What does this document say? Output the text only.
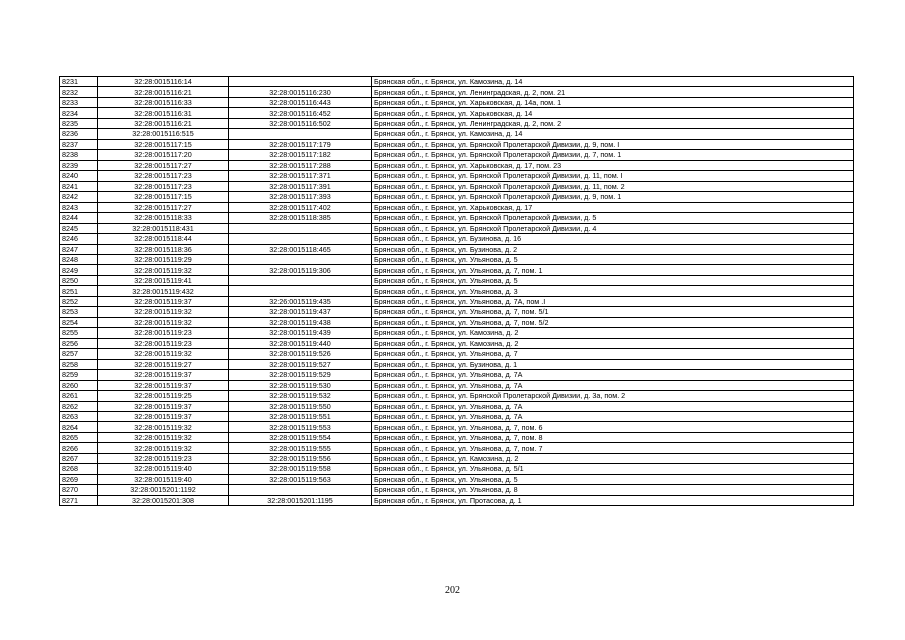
8231	32:28:0015116:14		Брянская обл., г. Брянск, ул. Камозина, д. 14
8232	32:28:0015116:21	32:28:0015116:230	Брянская обл., г. Брянск, ул. Ленинградская, д. 2, пом. 21
8233	32:28:0015116:33	32:28:0015116:443	Брянская обл., г. Брянск, ул. Харьковская, д. 14а, пом. 1
8234	32:28:0015116:31	32:28:0015116:452	Брянская обл., г. Брянск, ул. Харьковская, д. 14
8235	32:28:0015116:21	32:28:0015116:502	Брянская обл., г. Брянск, ул. Ленинградская, д. 2, пом. 2
8236	32:28:0015116:515		Брянская обл., г. Брянск, ул. Камозина, д. 14
8237	32:28:0015117:15	32:28:0015117:179	Брянская обл., г. Брянск, ул. Брянской Пролетарской Дивизии, д. 9, пом. I
8238	32:28:0015117:20	32:28:0015117:182	Брянская обл., г. Брянск, ул. Брянской Пролетарской Дивизии, д. 7, пом. 1
8239	32:28:0015117:27	32:28:0015117:288	Брянская обл., г. Брянск, ул. Харьковская, д. 17, пом. 23
8240	32:28:0015117:23	32:28:0015117:371	Брянская обл., г. Брянск, ул. Брянской Пролетарской Дивизии, д. 11, пом. I
8241	32:28:0015117:23	32:28:0015117:391	Брянская обл., г. Брянск, ул. Брянской Пролетарской Дивизии, д. 11, пом. 2
8242	32:28:0015117:15	32:28:0015117:393	Брянская обл., г. Брянск, ул. Брянской Пролетарской Дивизии, д. 9, пом. 1
8243	32:28:0015117:27	32:28:0015117:402	Брянская обл., г. Брянск, ул. Харьковская, д. 17
8244	32:28:0015118:33	32:28:0015118:385	Брянская обл., г. Брянск, ул. Брянской Пролетарской Дивизии, д. 5
8245	32:28:0015118:431		Брянская обл., г. Брянск, ул. Брянской Пролетарской Дивизии, д. 4
8246	32:28:0015118:44		Брянская обл., г. Брянск, ул. Бузинова, д. 16
8247	32:28:0015118:36	32:28:0015118:465	Брянская обл., г. Брянск, ул. Бузинова, д. 2
8248	32:28:0015119:29		Брянская обл., г. Брянск, ул. Ульянова, д. 5
8249	32:28:0015119:32	32:28:0015119:306	Брянская обл., г. Брянск, ул. Ульянова, д. 7, пом. 1
8250	32:28:0015119:41		Брянская обл., г. Брянск, ул. Ульянова, д. 5
8251	32:28:0015119:432		Брянская обл., г. Брянск, ул. Ульянова, д. 3
8252	32:28:0015119:37	32:26:0015119:435	Брянская обл., г. Брянск, ул. Ульянова, д. 7А, пом .I
8253	32:28:0015119:32	32:28:0015119:437	Брянская обл., г. Брянск, ул. Ульянова, д. 7, пом. 5/1
8254	32:28:0015119:32	32:28:0015119:438	Брянская обл., г. Брянск, ул. Ульянова, д. 7, пом. 5/2
8255	32:28:0015119:23	32:28:0015119:439	Брянская обл., г. Брянск, ул. Камозина, д. 2
8256	32:28:0015119:23	32:28:0015119:440	Брянская обл., г. Брянск, ул. Камозина, д. 2
8257	32:28:0015119:32	32:28:0015119:526	Брянская обл., г. Брянск, ул. Ульянова, д. 7
8258	32:28:0015119:27	32:28:0015119:527	Брянская обл., г. Брянск, ул. Бузинова, д. 1
8259	32:28:0015119:37	32:28:0015119:529	Брянская обл., г. Брянск, ул. Ульянова, д. 7А
8260	32:28:0015119:37	32:28:0015119:530	Брянская обл., г. Брянск, ул. Ульянова, д. 7А
8261	32:28:0015119:25	32:28:0015119:532	Брянская обл., г. Брянск, ул. Брянской Пролетарской Дивизии, д. 3а, пом. 2
8262	32:28:0015119:37	32:28:0015119:550	Брянская обл., г. Брянск, ул. Ульянова, д. 7А
8263	32:28:0015119:37	32:28:0015119:551	Брянская обл., г. Брянск, ул. Ульянова, д. 7А
8264	32:28:0015119:32	32:28:0015119:553	Брянская обл., г. Брянск, ул. Ульянова, д. 7, пом. 6
8265	32:28:0015119:32	32:28:0015119:554	Брянская обл., г. Брянск, ул. Ульянова, д. 7, пом. 8
8266	32:28:0015119:32	32:28:0015119:555	Брянская обл., г. Брянск, ул. Ульянова, д. 7, пом. 7
8267	32:28:0015119:23	32:28:0015119:556	Брянская обл., г. Брянск, ул. Камозина, д. 2
8268	32:28:0015119:40	32:28:0015119:558	Брянская обл., г. Брянск, ул. Ульянова, д. 5/1
8269	32:28:0015119:40	32:28:0015119:563	Брянская обл., г. Брянск, ул. Ульянова, д. 5
8270	32:28:0015201:1192		Брянская обл., г. Брянск, ул. Ульянова, д. 8
8271	32:28:0015201:308	32:28:0015201:1195	Брянская обл., г. Брянск, ул. Протасова, д. 1
202
